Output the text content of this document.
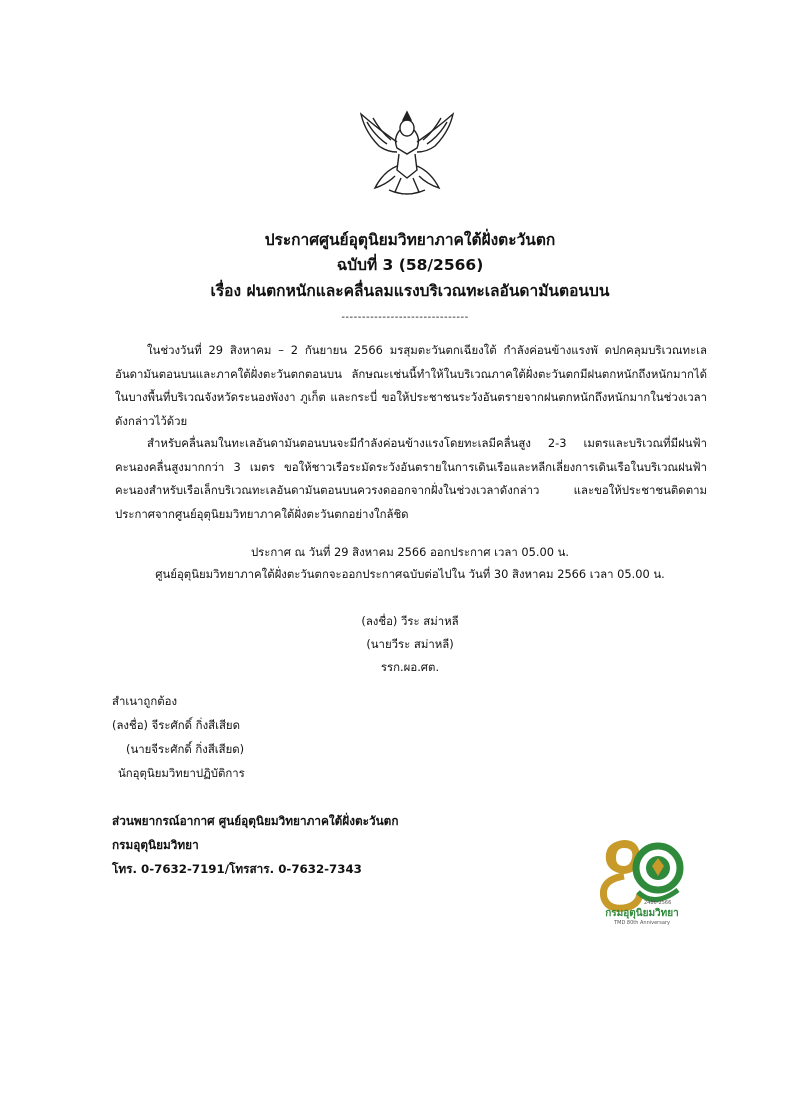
ประกาศศูนย์อุตุนิยมวิทยาภาคใต้ฝั่งตะวันตก
ฉบับที่ 3 (58/2566)
เรื่อง ฝนตกหนักและคลื่นลมแรงบริเวณทะเลอันดามันตอนบน
-------------------------------

ในช่วงวันที่ 29 สิงหาคม – 2 กันยายน 2566 มรสุมตะวันตกเฉียงใต้ กำลังค่อนข้างแรงพั ดปกคลุมบริเวณทะเลอันดามันตอนบนและภาคใต้ฝั่งตะวันตกตอนบน ลักษณะเช่นนี้ทำให้ในบริเวณภาคใต้ฝั่งตะวันตกมีฝนตกหนักถึงหนักมากได้ในบางพื้นที่บริเวณจังหวัดระนองพังงา ภูเก็ต และกระบี่ ขอให้ประชาชนระวังอันตรายจากฝนตกหนักถึงหนักมากในช่วงเวลาดังกล่าวไว้ด้วย

สำหรับคลื่นลมในทะเลอันดามันตอนบนจะมีกำลังค่อนข้างแรงโดยทะเลมีคลื่นสูง 2-3 เมตรและบริเวณที่มีฝนฟ้าคะนองคลื่นสูงมากกว่า 3 เมตร ขอให้ชาวเรือระมัดระวังอันตรายในการเดินเรือและหลีกเลี่ยงการเดินเรือในบริเวณฝนฟ้าคะนองสำหรับเรือเล็กบริเวณทะเลอันดามันตอนบนควรงดออกจากฝั่งในช่วงเวลาดังกล่าว และขอให้ประชาชนติดตามประกาศจากศูนย์อุตุนิยมวิทยาภาคใต้ฝั่งตะวันตกอย่างใกล้ชิด

ประกาศ ณ วันที่ 29 สิงหาคม 2566 ออกประกาศ เวลา 05.00 น.
ศูนย์อุตุนิยมวิทยาภาคใต้ฝั่งตะวันตกจะออกประกาศฉบับต่อไปใน วันที่ 30 สิงหาคม 2566 เวลา 05.00 น.
(ลงชื่อ) วีระ สม่าหลี
(นายวีระ สม่าหลี)
รรก.ผอ.ศต.
สำเนาถูกต้อง
(ลงชื่อ) จีระศักดิ์ กิ่งสีเสียด
(นายจีระศักดิ์ กิ่งสีเสียด)
นักอุตุนิยมวิทยาปฏิบัติการ
ส่วนพยากรณ์อากาศ ศูนย์อุตุนิยมวิทยาภาคใต้ฝั่งตะวันตก
กรมอุตุนิยมวิทยา
โทร. 0-7632-7191/โทรสาร. 0-7632-7343
2486-2566
กรมอุตุนิยมวิทยา
TMD 80th Anniversary
